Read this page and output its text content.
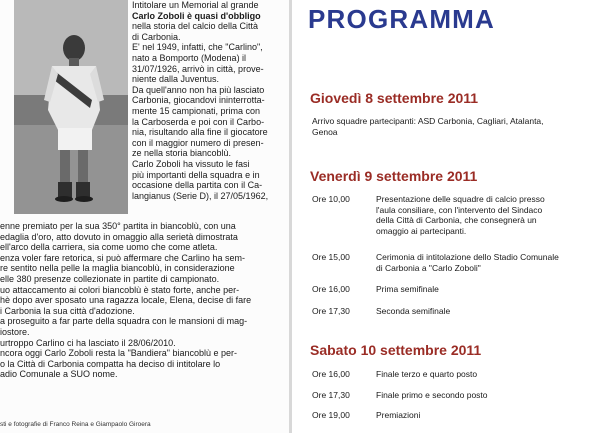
Intitolare un Memorial al grande

Carlo Zoboli è quasi d'obbligo

nella storia del calcio della Città

di Carbonia.

E' nel 1949, infatti, che "Carlino",

nato a Bomporto (Modena) il

31/07/1926, arrivò in città, prove-

niente dalla Juventus.

Da quell'anno non ha più lasciato

Carbonia, giocandovi ininterrotta-

mente 15 campionati, prima con

la Carboserda e poi con il Carbo-

nia, risultando alla fine il giocatore

con il maggior numero di presen-

ze nella storia biancoblù.

Carlo Zoboli ha vissuto le fasi

più importanti della squadra e in

occasione della partita con il Ca-

langianus (Serie D), il 27/05/1962,

enne premiato per la sua 350° partita in biancoblù, con una

edaglia d'oro, atto dovuto in omaggio alla serietà dimostrata

ell'arco della carriera, sia come uomo che come atleta.

enza voler fare retorica, si può affermare che Carlino ha sem-

re sentito nella pelle la maglia biancoblù, in considerazione

elle 380 presenze collezionate in partite di campionato.

uo attaccamento ai colori biancoblù è stato forte, anche per-

hè dopo aver sposato una ragazza locale, Elena, decise di fare

i Carbonia la sua città d'adozione.

a proseguito a far parte della squadra con le mansioni di mag-

iostore.

urtroppo Carlino ci ha lasciato il 28/06/2010.

ncora oggi Carlo Zoboli resta la "Bandiera" biancoblù e per-

o la Città di Carbonia compatta ha deciso di intitolare lo

adio Comunale a SUO nome.

sti e fotografie di Franco Reina e Giampaolo Giroera
PROGRAMMA
Giovedì 8 settembre 2011
Arrivo squadre partecipanti: ASD Carbonia, Cagliari, Atalanta,
Genoa
Venerdì 9 settembre 2011
Ore 10,00	Presentazione delle squadre di calcio presso
l'aula consiliare, con l'intervento del Sindaco
della Città di Carbonia, che consegnerà un
omaggio ai partecipanti.
Ore 15,00	Cerimonia di intitolazione dello Stadio Comunale
di Carbonia a "Carlo Zoboli"
Ore 16,00	Prima semifinale
Ore 17,30	Seconda semifinale
Sabato 10 settembre 2011
Ore 16,00	Finale terzo e quarto posto
Ore 17,30	Finale primo e secondo posto
Ore 19,00	Premiazioni
